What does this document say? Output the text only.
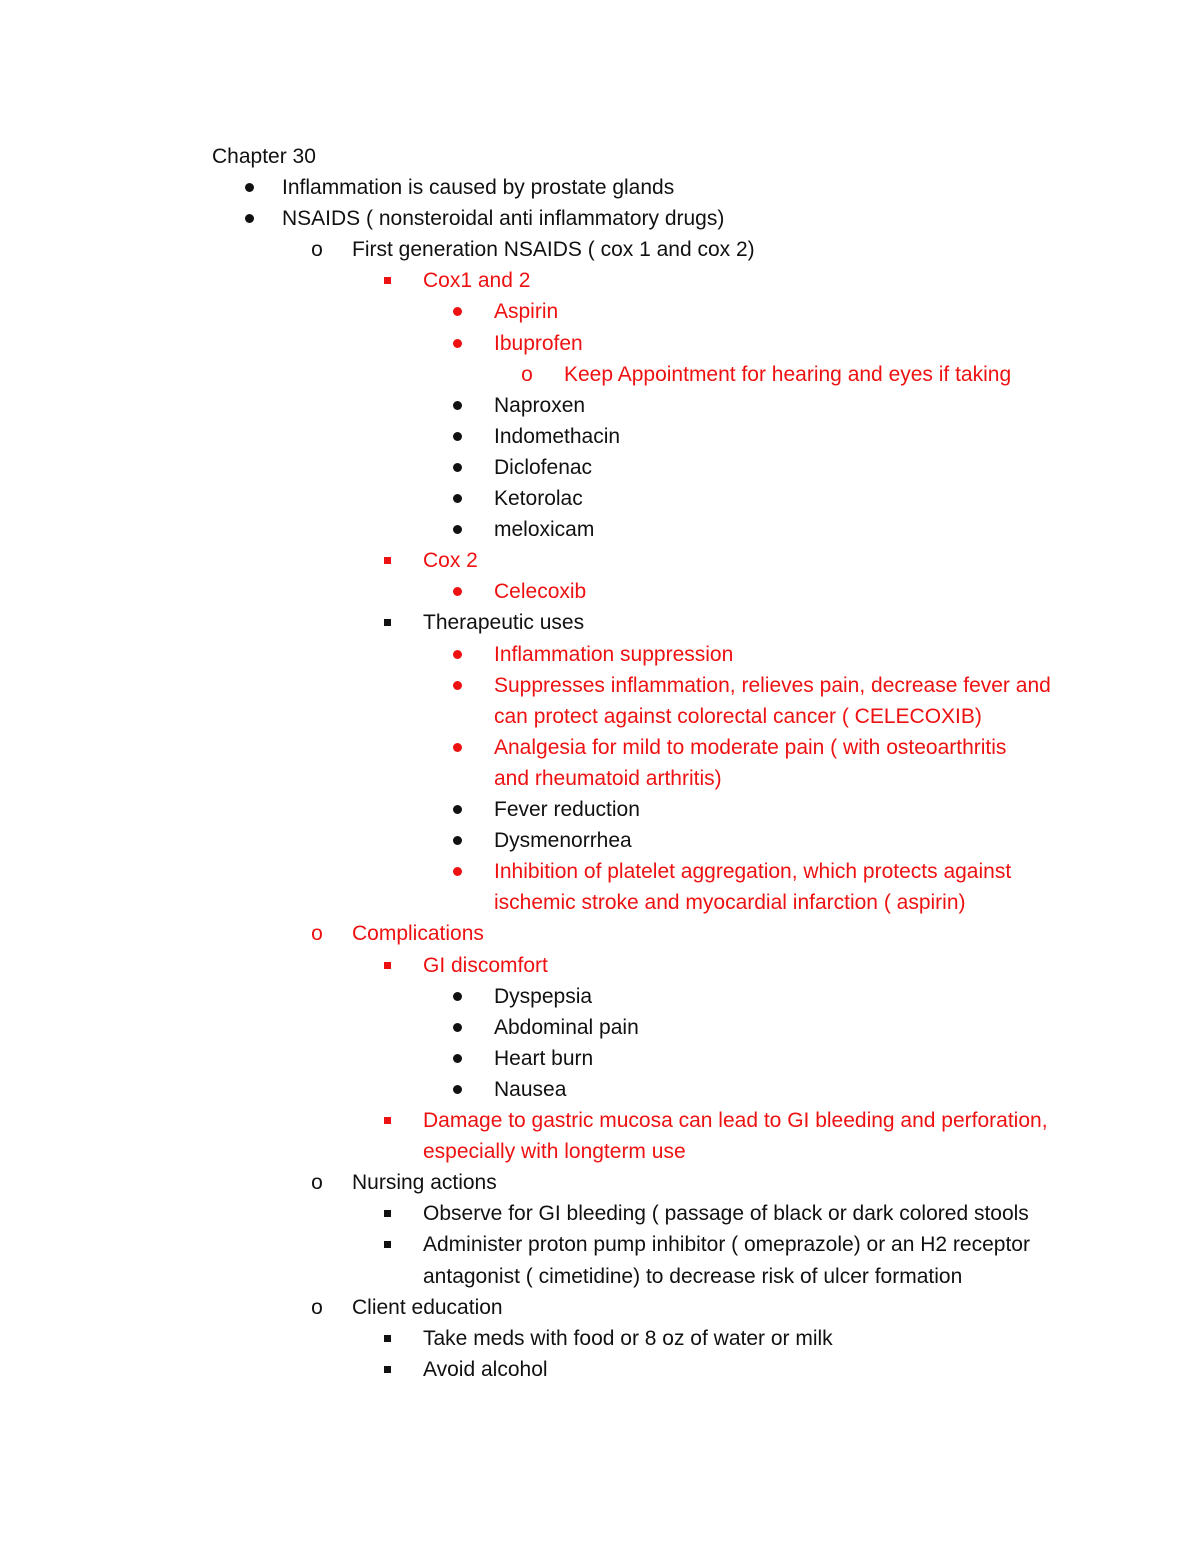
Chapter 30
Inflammation is caused by prostate glands
NSAIDS ( nonsteroidal anti inflammatory drugs)
o First generation NSAIDS ( cox 1 and cox 2)
Cox1 and 2
Aspirin
Ibuprofen
o Keep Appointment for hearing and eyes if taking
Naproxen
Indomethacin
Diclofenac
Ketorolac
meloxicam
Cox 2
Celecoxib
Therapeutic uses
Inflammation suppression
Suppresses inflammation, relieves pain, decrease fever and
can protect against colorectal cancer ( CELECOXIB)
Analgesia for mild to moderate pain ( with osteoarthritis
and rheumatoid arthritis)
Fever reduction
Dysmenorrhea
Inhibition of platelet aggregation, which protects against
ischemic stroke and myocardial infarction ( aspirin)
o Complications
GI discomfort
Dyspepsia
Abdominal pain
Heart burn
Nausea
Damage to gastric mucosa can lead to GI bleeding and perforation,
especially with longterm use
o Nursing actions
Observe for GI bleeding ( passage of black or dark colored stools
Administer proton pump inhibitor ( omeprazole) or an H2 receptor
antagonist ( cimetidine) to decrease risk of ulcer formation
o Client education
Take meds with food or 8 oz of water or milk
Avoid alcohol
